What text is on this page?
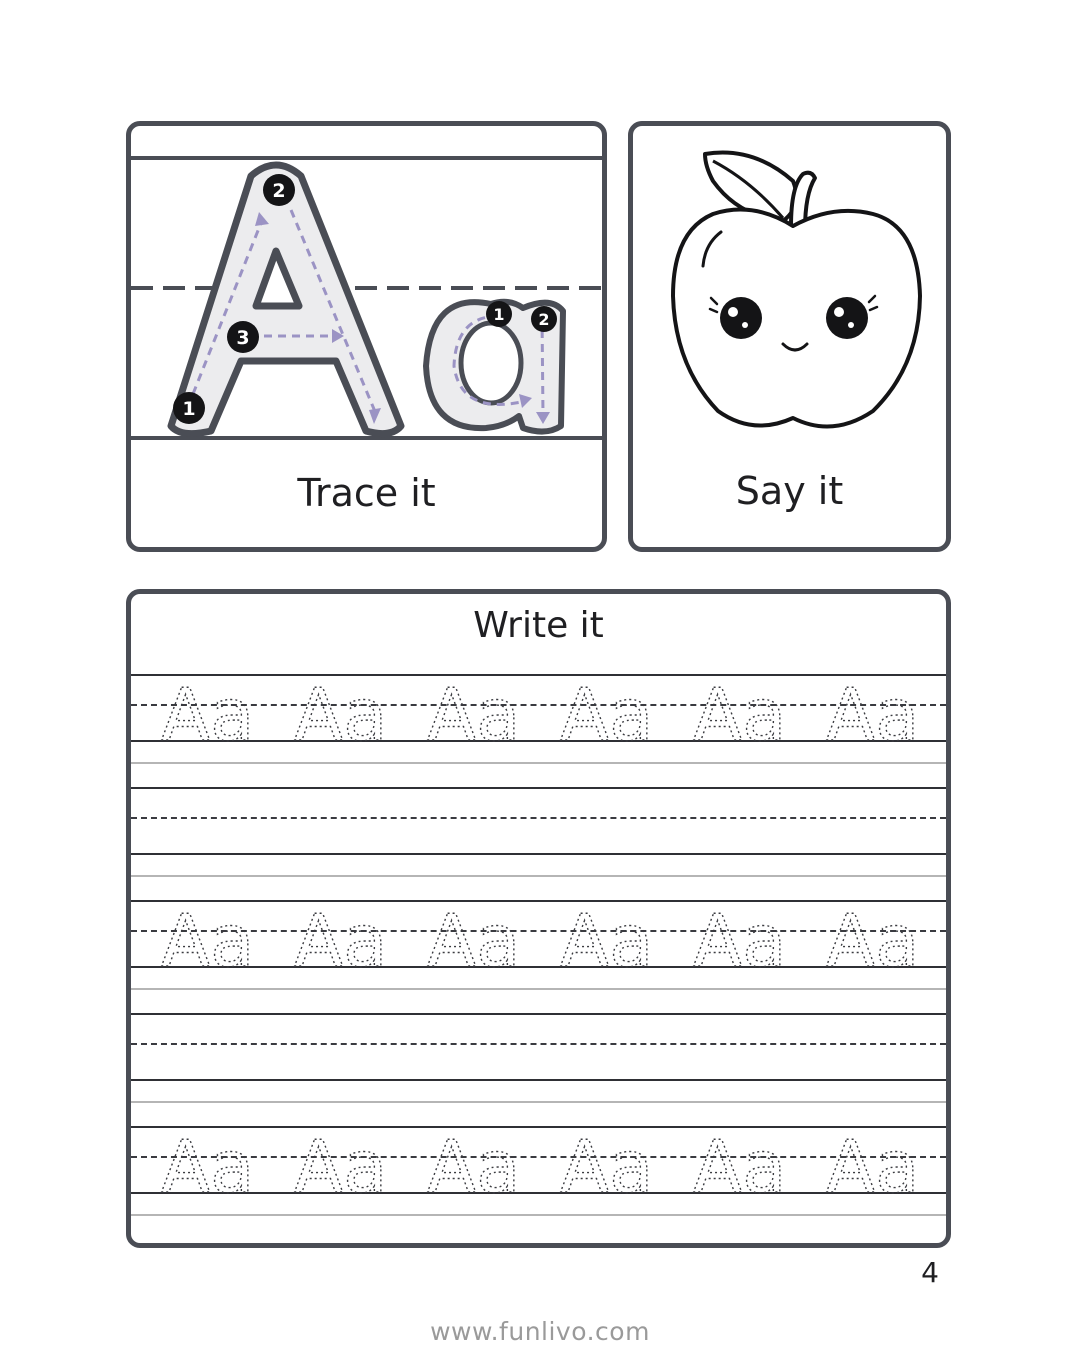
1
2
3
1 2
Trace it	Say it
Write it
Aa Aa Aa Aa Aa Aa
Aa Aa Aa Aa Aa Aa
Aa Aa Aa Aa Aa Aa
4
www.funlivo.com
